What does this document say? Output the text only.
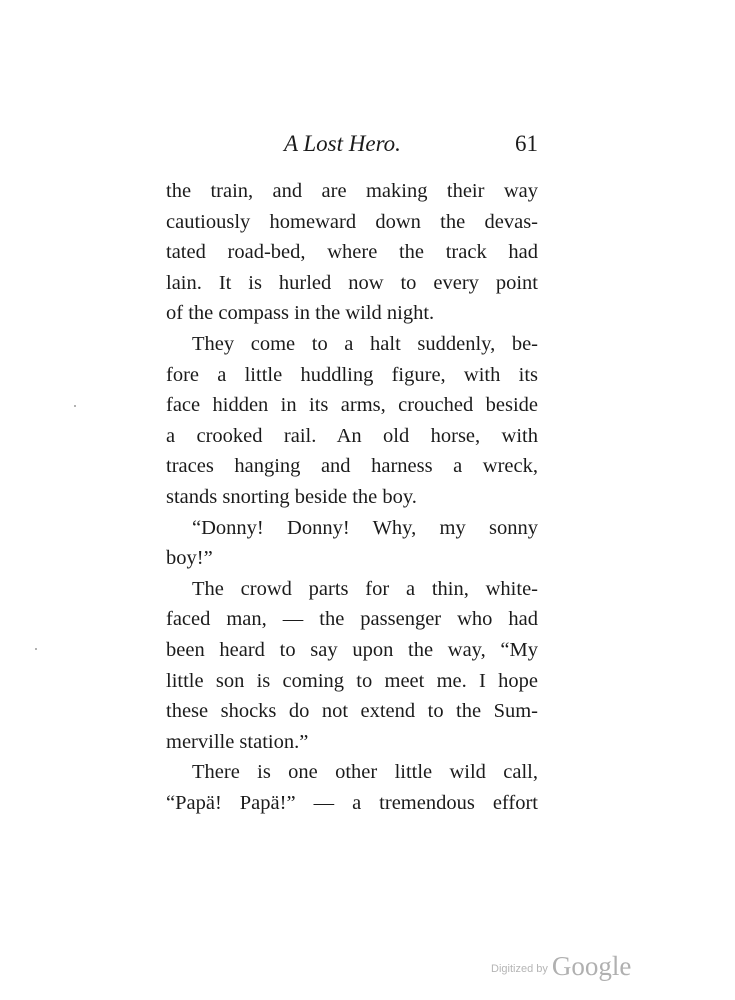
A Lost Hero.	61
the train, and are making their way
cautiously homeward down the devas-
tated road-bed, where the track had
lain. It is hurled now to every point
of the compass in the wild night.
They come to a halt suddenly, be-
fore a little huddling figure, with its
face hidden in its arms, crouched beside
a crooked rail. An old horse, with
traces hanging and harness a wreck,
stands snorting beside the boy.
“Donny! Donny! Why, my sonny
boy!”
The crowd parts for a thin, white-
faced man, — the passenger who had
been heard to say upon the way, “My
little son is coming to meet me. I hope
these shocks do not extend to the Sum-
merville station.”
There is one other little wild call,
“Papä! Papä!” — a tremendous effort
Digitized by Google
